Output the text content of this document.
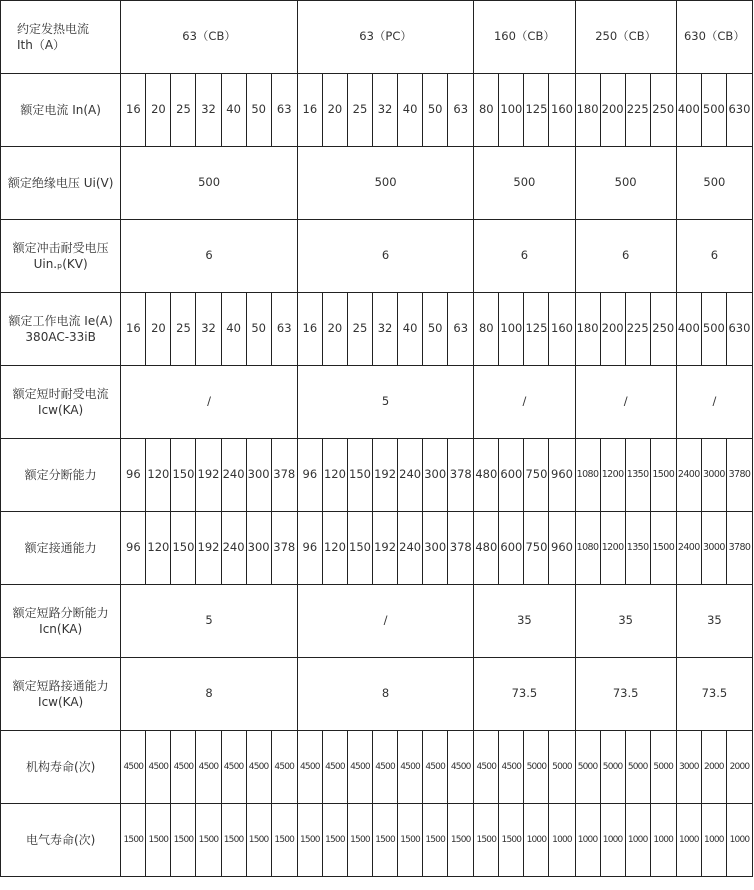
约定发热电流
Ith（A）	63（CB）							63（PC）							160（CB）				250（CB）				630（CB）		

额定电流 In(A)	16	20	25	32	40	50	63	16	20	25	32	40	50	63	80	100	125	160	180	200	225	250	400	500	630

额定绝缘电压 Ui(V)	500							500							500				500				500		

额定冲击耐受电压
Uin.ₚ(KV)	6							6							6				6				6		

额定工作电流 Ie(A)
380AC-33iB	16	20	25	32	40	50	63	16	20	25	32	40	50	63	80	100	125	160	180	200	225	250	400	500	630

额定短时耐受电流
Icw(KA)	/							5							/				/				/		

额定分断能力	96	120	150	192	240	300	378	96	120	150	192	240	300	378	480	600	750	960	1080	1200	1350	1500	2400	3000	3780

额定接通能力	96	120	150	192	240	300	378	96	120	150	192	240	300	378	480	600	750	960	1080	1200	1350	1500	2400	3000	3780

额定短路分断能力
Icn(KA)	5							/							35				35				35		

额定短路接通能力
Icw(KA)	8							8							73.5				73.5				73.5		

机构寿命(次)	4500	4500	4500	4500	4500	4500	4500	4500	4500	4500	4500	4500	4500	4500	4500	4500	5000	5000	5000	5000	5000	5000	3000	2000	2000

电气寿命(次)	1500	1500	1500	1500	1500	1500	1500	1500	1500	1500	1500	1500	1500	1500	1500	1500	1000	1000	1000	1000	1000	1000	1000	1000	1000
